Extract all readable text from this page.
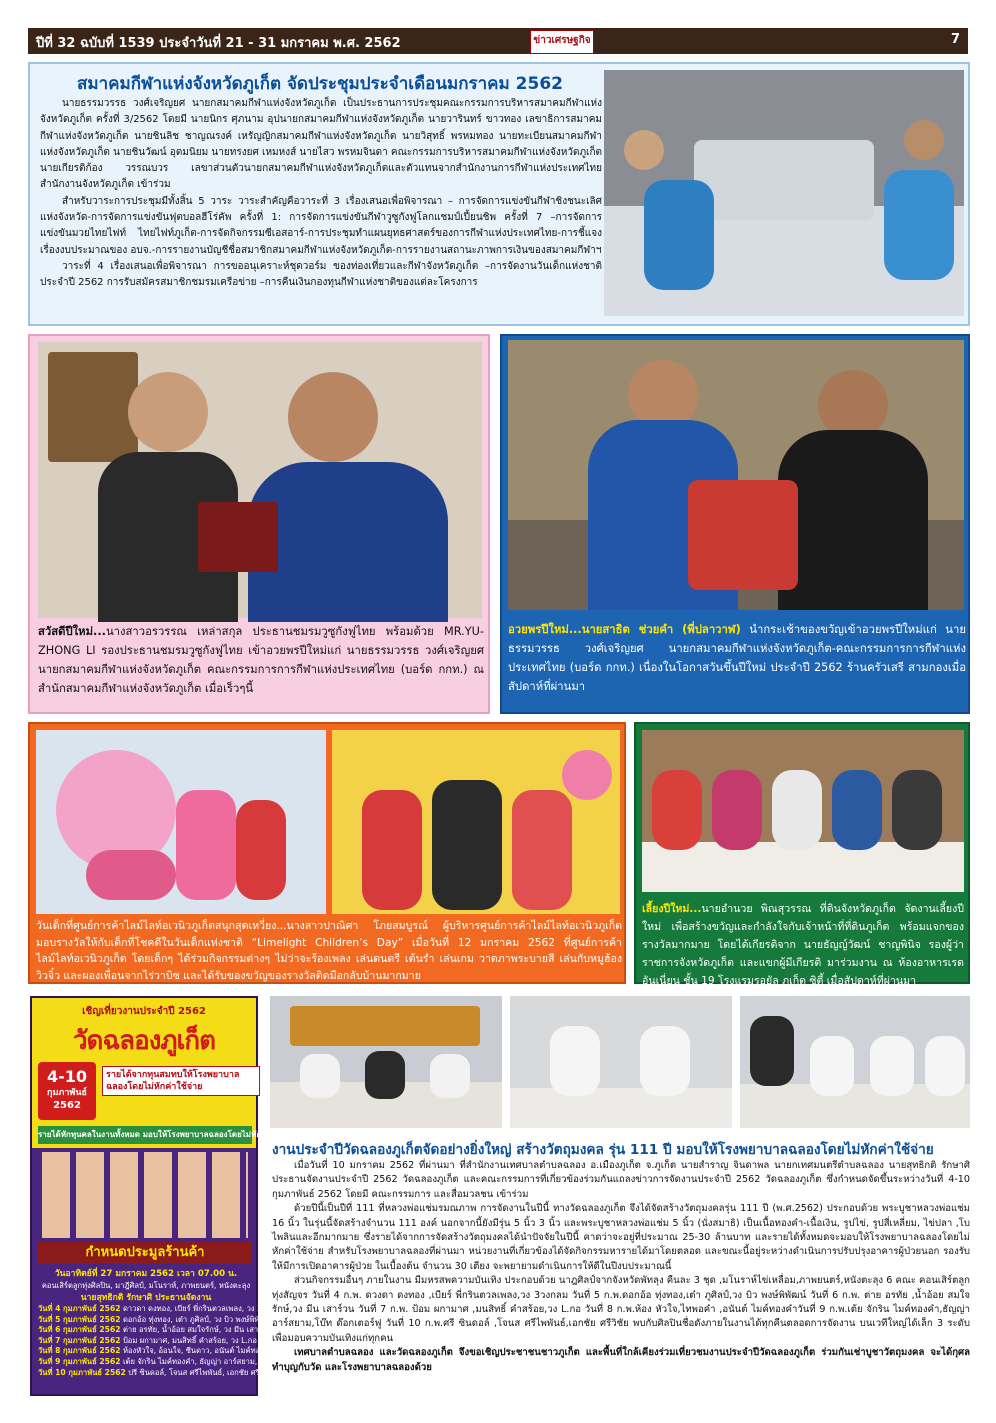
ปีที่ 32 ฉบับที่ 1539 ประจำวันที่ 21 - 31 มกราคม พ.ศ. 2562	ข่าวเศรษฐกิจ	7
สมาคมกีฬาแห่งจังหวัดภูเก็ต จัดประชุมประจำเดือนมกราคม 2562

นายธรรมวรรธ วงศ์เจริญยศ นายกสมาคมกีฬาแห่งจังหวัดภูเก็ต เป็นประธานการประชุมคณะกรรมการบริหารสมาคมกีฬาแห่งจังหวัดภูเก็ต ครั้งที่ 3/2562 โดยมี นายนิกร ศุภนาม อุปนายกสมาคมกีฬาแห่งจังหวัดภูเก็ต นายวารินทร์ ขาวทอง เลขาธิการสมาคมกีฬาแห่งจังหวัดภูเก็ต นายชินลิช ชาญณรงค์ เหรัญญิกสมาคมกีฬาแห่งจังหวัดภูเก็ต นายวิสุทธิ์ พรหมทอง นายทะเบียนสมาคมกีฬาแห่งจังหวัดภูเก็ต นายชินวัฒน์ อุดมนิยม นายทรงยศ เหมหงส์ นายไสว พรหมจินดา คณะกรรมการบริหารสมาคมกีฬาแห่งจังหวัดภูเก็ต นายเกียรติก้อง วรรณบวร เลขาส่วนตัวนายกสมาคมกีฬาแห่งจังหวัดภูเก็ตและตัวแทนจากสำนักงานการกีฬาแห่งประเทศไทยสำนักงานจังหวัดภูเก็ต เข้าร่วม

สำหรับวาระการประชุมมีทั้งสิ้น 5 วาระ วาระสำคัญคือวาระที่ 3 เรื่องเสนอเพื่อพิจารณา – การจัดการแข่งขันกีฬาชิงชนะเลิศแห่งจังหวัด-การจัดการแข่งขันฟุตบอลฮีโร่คัพ ครั้งที่ 1: การจัดการแข่งขันกีฬาวูซูกังฟูโลกแชมป์เปี้ยนชิพ ครั้งที่ 7 –การจัดการแข่งขันมวยไทยไฟท์ ไทยไฟท์ภูเก็ต-การจัดกิจกรรมซีเอสอาร์-การประชุมทำแผนยุทธศาสตร์ของการกีฬาแห่งประเทศไทย-การชี้แจงเรื่องงบประมาณของ อบจ.-การรายงานบัญชีชื่อสมาชิกสมาคมกีฬาแห่งจังหวัดภูเก็ต-การรายงานสถานะภาพการเงินของสมาคมกีฬาฯ

วาระที่ 4 เรื่องเสนอเพื่อพิจารณา การขออนุเคราะห์ชุดวอร์ม ของท่องเที่ยวและกีฬาจังหวัดภูเก็ต –การจัดงานวันเด็กแห่งชาติ ประจำปี 2562 การรับสมัครสมาชิกชมรมเครือข่าย –การคืนเงินกองทุนกีฬาแห่งชาติของแต่ละโครงการ

สวัสดีปีใหม่...นางสาวอรวรรณ เหล่าสกุล ประธานชมรมวูซูกังฟูไทย พร้อมด้วย MR.YU-ZHONG LI รองประธานชมรมวูซูกังฟูไทย เข้าอวยพรปีใหม่แก่ นายธรรมวรรธ วงศ์เจริญยศ นายกสมาคมกีฬาแห่งจังหวัดภูเก็ต คณะกรรมการการกีฬาแห่งประเทศไทย (บอร์ด กกท.) ณ สำนักสมาคมกีฬาแห่งจังหวัดภูเก็ต เมื่อเร็วๆนี้
อวยพรปีใหม่...นายสาธิต ช่วยคำ (พี่ปลาวาฬ) นำกระเช้าของขวัญเข้าอวยพรปีใหม่แก่ นายธรรมวรรธ วงศ์เจริญยศ นายกสมาคมกีฬาแห่งจังหวัดภูเก็ต-คณะกรรมการการกีฬาแห่งประเทศไทย (บอร์ด กกท.) เนื่องในโอกาสวันขึ้นปีใหม่ ประจำปี 2562 ร้านครัวเสรี สามกองเมื่อสัปดาห์ที่ผ่านมา
วันเด็กที่ศูนย์การค้าไลม์ไลท์อเวนิวภูเก็ตสนุกสุดเหวี่ยง...นางสาวปาณิศา โภยสมบูรณ์ ผู้บริหารศูนย์การค้าไลม์ไลท์อเวนิวภูเก็ต มอบรางวัลให้กับเด็กที่โชคดีในวันเด็กแห่งชาติ “Limelight Children’s Day” เมื่อวันที่ 12 มกราคม 2562 ที่ศูนย์การค้าไลม์ไลท์อเวนิวภูเก็ต โดยเด็กๆ ได้ร่วมกิจกรรมต่างๆ ไม่ว่าจะร้องเพลง เล่นดนตรี เต้นรำ เล่นเกม วาดภาพระบายสี เล่นกับหมูฮ้อง วิวจิ๋ว และผองเพื่อนจากไร่วาบิซ และได้รับของขวัญของรางวัลติดมือกลับบ้านมากมาย
เลี้ยงปีใหม่...นายอำนวย พิณสุวรรณ ที่ดินจังหวัดภูเก็ต จัดงานเลี้ยงปีใหม่ เพื่อสร้างขวัญและกำลังใจกับเจ้าหน้าที่ที่ดินภูเก็ต พร้อมแจกของรางวัลมากมาย โดยได้เกียรติจาก นายธัญญ์วัฒน์ ชาญพินิจ รองผู้ว่าราชการจังหวัดภูเก็ต และแขกผู้มีเกียรติ มาร่วมงาน ณ ห้องอาหารเรดอันเนี่ยน ชั้น 19 โรงแรมรอยัล ภูเก็ต ซิตี้ เมื่อสัปดาห์ที่ผ่านมา
เชิญเที่ยวงานประจำปี 2562
วัดฉลองภูเก็ต
4-10
กุมภาพันธ์
2562
รายได้จากทุนสมทบให้โรงพยาบาลฉลองโดยไม่หักค่าใช้จ่าย
รายได้หักทุนคลในงานทั้งหมด มอบให้โรงพยาบาลฉลองโดยไม่หักค่าใช้จ่าย
กำหนดประมูลร้านค้า
วันอาทิตย์ที่ 27 มกราคม 2562 เวลา 07.00 น.
คอนเสิร์ตลูกทุ่งศิลปิน, มาฎีศิลป์, มโนราห์, ภาพยนตร์, หนังตะลุง
นายสุทธิกติ รักษาศิ ประธานจัดงาน
วันที่ 4 กุมภาพันธ์ 2562 ดาวดา ดงทอง, เบียร์ พี่กรินตวลเพลง, วง 3 วงกลม
วันที่ 5 กุมภาพันธ์ 2562 ดอกอ้อ ทุ่งทอง, เต๋า ภูศิลป์, วง บิว พงษ์พิพัฒน์
วันที่ 6 กุมภาพันธ์ 2562 ต่าย อรทัย, น้ำอ้อย สมใจรักษ์, วง มีน เสาร์วน
วันที่ 7 กุมภาพันธ์ 2562 ป้อม ผกามาศ, มนสิทธิ์ คำสร้อย, วง L.กอ
วันที่ 8 กุมภาพันธ์ 2562 ห้องหัวใจ, อ้อนใจ, ซีนดาว, อนันต์ ไมค์ทองคำ
วันที่ 9 กุมภาพันธ์ 2562 เต้ย จักริน ไมค์ทองคำ, ธัญญ่า อาร์สยาม, โบ๊ท ด๊อกเตอร์ฟู
วันที่ 10 กุมภาพันธ์ 2562 ปรี ซินดอล์, โจนส ศรีไพพันธ์, เอกชัย ศรีวิชัย
งานประจำปีวัดฉลองภูเก็ตจัดอย่างยิ่งใหญ่ สร้างวัตถุมงคล รุ่น 111 ปี มอบให้โรงพยาบาลฉลองโดยไม่หักค่าใช้จ่าย

เมื่อวันที่ 10 มกราคม 2562 ที่ผ่านมา ที่สำนักงานเทศบาลตำบลฉลอง อ.เมืองภูเก็ต จ.ภูเก็ต นายสำราญ จินดาพล นายกเทศมนตรีตำบลฉลอง นายสุทธิกติ รักษาศิ ประธานจัดงานประจำปี 2562 วัดฉลองภูเก็ต และคณะกรรมการที่เกี่ยวข้องร่วมกันแถลงข่าวการจัดงานประจำปี 2562 วัดฉลองภูเก็ต ซึ่งกำหนดจัดขึ้นระหว่างวันที่ 4-10 กุมภาพันธ์ 2562 โดยมี คณะกรรมการ และสื่อมวลชน เข้าร่วม

ด้วยปีนี้เป็นปีที่ 111 ที่หลวงพ่อแช่มรมณภาพ การจัดงานในปีนี้ ทางวัดฉลองภูเก็ต จึงได้จัดสร้างวัตถุมงคลรุ่น 111 ปี (พ.ศ.2562) ประกอบด้วย พระบูชาหลวงพ่อแช่ม 16 นิ้ว ในรุ่นนี้จัดสร้างจำนวน 111 องค์ นอกจากนี้ยังมีรุ่น 5 นิ้ว 3 นิ้ว และพระบูชาหลวงพ่อแช่ม 5 นิ้ว (นั่งสมาธิ) เป็นเนื้อทองคำ-เนื้อเงิน, รูปไข่, รูปสี่เหลี่ยม, ไข่ปลา ,โบไพลินและอีกมากมาย ซึ่งรายได้จากการจัดสร้างวัตถุมงคลได้นำปัจจัยในปีนี้ คาดว่าจะอยู่ที่ประมาณ 25-30 ล้านบาท และรายได้ทั้งหมดจะมอบให้โรงพยาบาลฉลองโดยไม่หักค่าใช้จ่าย สำหรับโรงพยาบาลฉลองที่ผ่านมา หน่วยงานที่เกี่ยวข้องได้จัดกิจกรรมหารายได้มาโดยตลอด และขณะนี้อยู่ระหว่างดำเนินการปรับปรุงอาคารผู้ป่วยนอก รองรับให้มีการเปิดอาคารผู้ป่วย ในเบื้องต้น จำนวน 30 เตียง จะพยายามดำเนินการให้ดีในปีงบประมาณนี้

ส่วนกิจกรรมอื่นๆ ภายในงาน มีมหรสพความบันเทิง ประกอบด้วย นาฎศิลป์จากจังหวัดพัทลุง คืนละ 3 ชุด ,มโนราห์ไข่เหลื่อม,ภาพยนตร์,หนังตะลุง 6 คณะ คอนเสิร์ตลูกทุ่งสัญจร วันที่ 4 ก.พ. ดวงดา ดงทอง ,เบียร์ พี่กรินตวลเพลง,วง 3วงกลม วันที่ 5 ก.พ.ดอกอ้อ ทุ่งทอง,เต๋า ภูศิลป์,วง บิว พงษ์พิพัฒน์ วันที่ 6 ก.พ. ต่าย อรทัย ,น้ำอ้อย สมใจรักษ์,วง มีน เสาร์วน วันที่ 7 ก.พ. ป้อม ผกามาศ ,มนสิทธิ์ คำสร้อย,วง L.กอ วันที่ 8 ก.พ.ห้อง หัวใจ,ไทพอคำ ,อนันต์ ไมค์ทองคำวันที่ 9 ก.พ.เต้ย จักริน ไมค์ทองคำ,ธัญญ่า อาร์สยาม,โบ๊ท ด๊อกเตอร์ฟู วันที่ 10 ก.พ.ศรี ซินดอล์ ,โจนส ศรีไพพันธ์,เอกชัย ศรีวิชัย พบกับศิลปินชื่อดังภายในงานได้ทุกคืนตลอดการจัดงาน บนเวทีใหญ่ได้เล็ก 3 ระดับ เพื่อมอบความบันเทิงแก่ทุกคน

เทศบาลตำบลฉลอง และวัดฉลองภูเก็ต จึงขอเชิญประชาชนชาวภูเก็ต และพื้นที่ใกล้เคียงร่วมเที่ยวชมงานประจำปีวัดฉลองภูเก็ต ร่วมกันเช่าบูชาวัตถุมงคล จะได้กุศลทำบุญกับวัด และโรงพยาบาลฉลองด้วย
